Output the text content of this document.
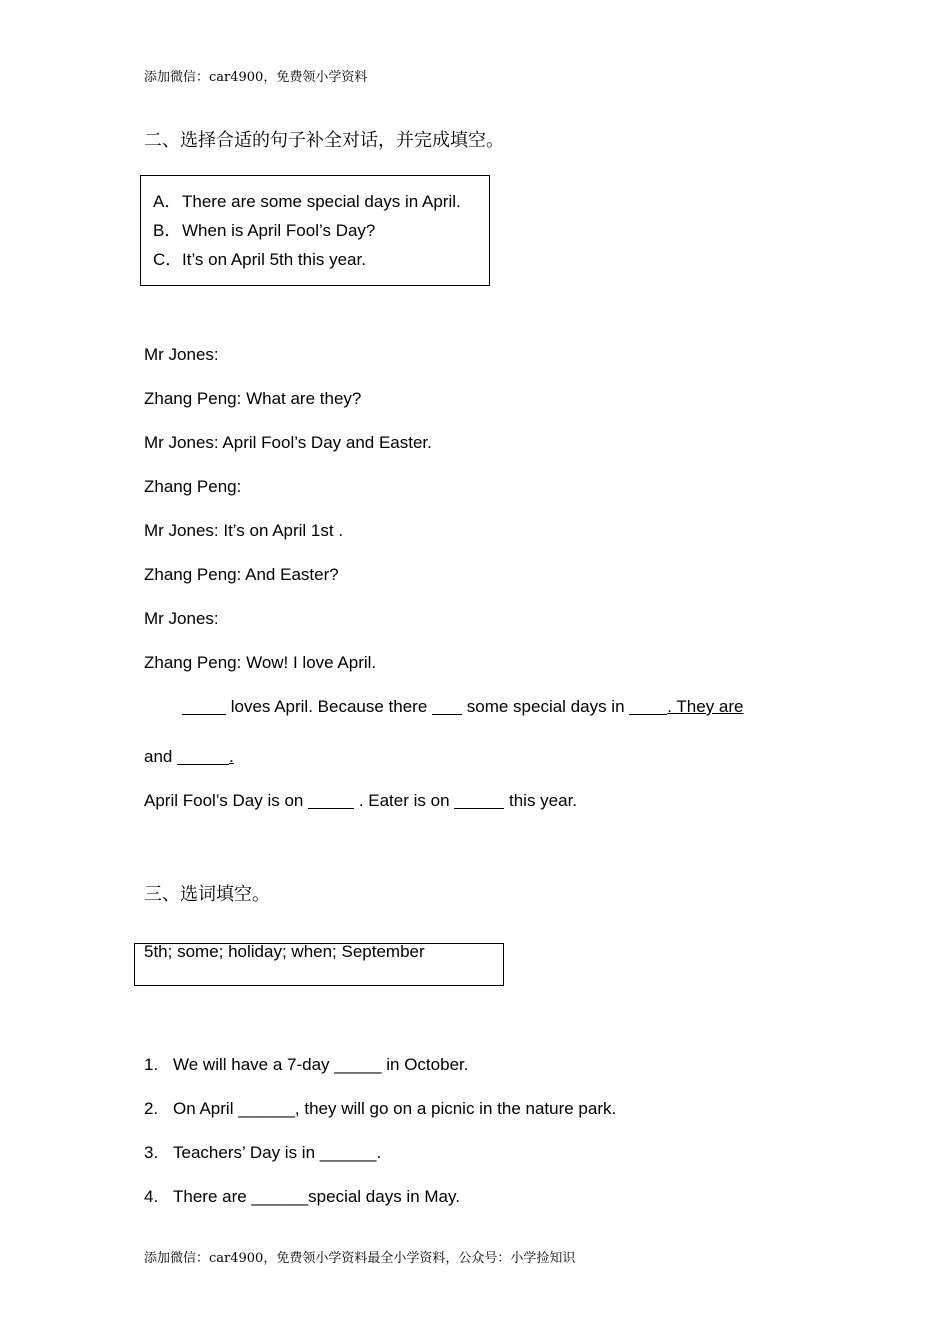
添加微信：car4900，免费领小学资料
二、选择合适的句子补全对话，并完成填空。
A．There are some special days in April.
B．When is April Fool’s Day?
C．It’s on April 5th this year.
Mr Jones:
Zhang Peng: What are they?
Mr Jones: April Fool’s Day and Easter.
Zhang Peng:
Mr Jones: It’s on April 1st .
Zhang Peng: And Easter?
Mr Jones:
Zhang Peng: Wow! I love April.
loves April. Because there  some special days in . They are
and	.
April Fool’s Day is on	. Eater is on	this year.
三、选词填空。
5th; some; holiday; when; September
1. We will have a 7-day _____ in October.
2. On April ______, they will go on a picnic in the nature park.
3. Teachers’ Day is in ______.
4. There are ______special days in May.
添加微信：car4900，免费领小学资料最全小学资料，公众号：小学捡知识
